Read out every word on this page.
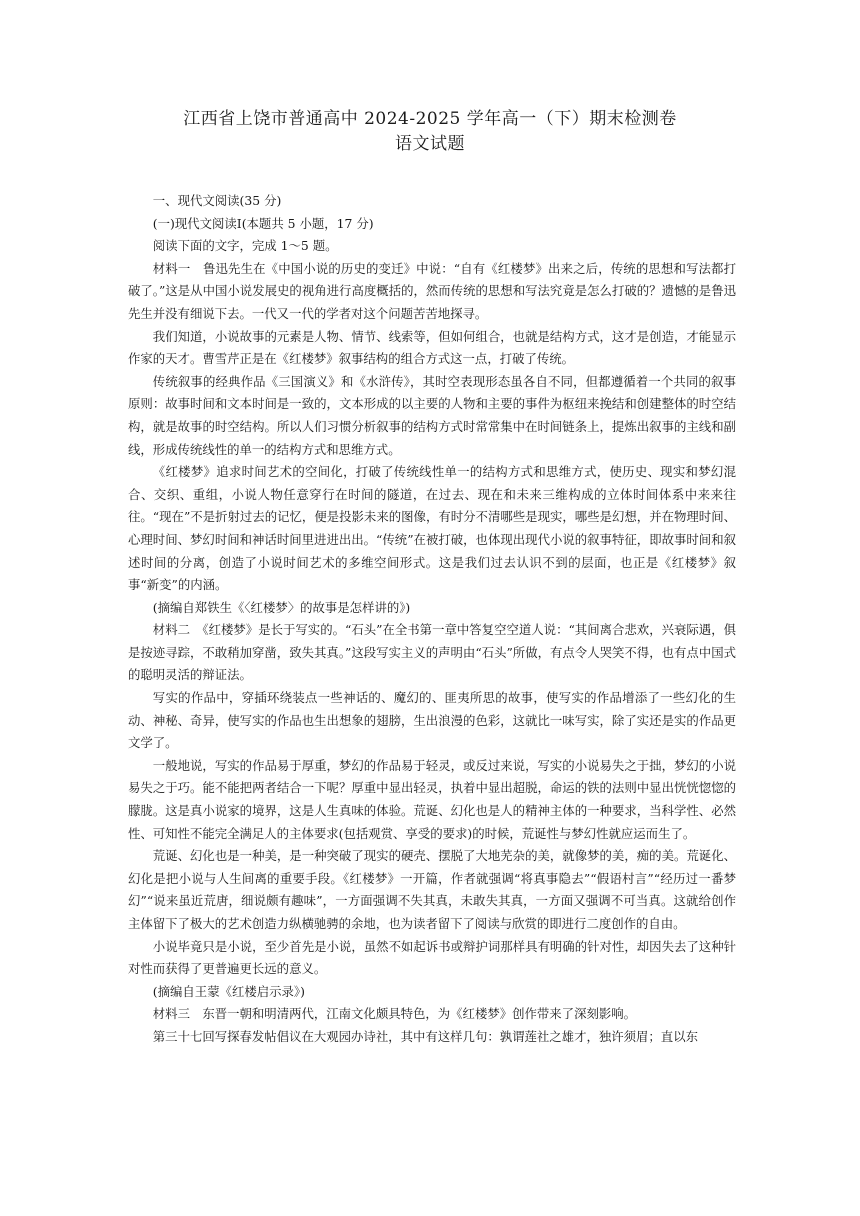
江西省上饶市普通高中 2024-2025 学年高一（下）期末检测卷
语文试题

一、现代文阅读(35 分)

(一)现代文阅读Ⅰ(本题共 5 小题，17 分)

阅读下面的文字，完成 1～5 题。

材料一　鲁迅先生在《中国小说的历史的变迁》中说：“自有《红楼梦》出来之后，传统的思想和写法都打破了。”这是从中国小说发展史的视角进行高度概括的，然而传统的思想和写法究竟是怎么打破的？遗憾的是鲁迅先生并没有细说下去。一代又一代的学者对这个问题苦苦地探寻。

我们知道，小说故事的元素是人物、情节、线索等，但如何组合，也就是结构方式，这才是创造，才能显示作家的天才。曹雪芹正是在《红楼梦》叙事结构的组合方式这一点，打破了传统。

传统叙事的经典作品《三国演义》和《水浒传》，其时空表现形态虽各自不同，但都遵循着一个共同的叙事原则：故事时间和文本时间是一致的，文本形成的以主要的人物和主要的事件为枢纽来挽结和创建整体的时空结构，就是故事的时空结构。所以人们习惯分析叙事的结构方式时常常集中在时间链条上，提炼出叙事的主线和副线，形成传统线性的单一的结构方式和思维方式。

《红楼梦》追求时间艺术的空间化，打破了传统线性单一的结构方式和思维方式，使历史、现实和梦幻混合、交织、重组，小说人物任意穿行在时间的隧道，在过去、现在和未来三维构成的立体时间体系中来来往往。“现在”不是折射过去的记忆，便是投影未来的图像，有时分不清哪些是现实，哪些是幻想，并在物理时间、心理时间、梦幻时间和神话时间里进进出出。“传统”在被打破，也体现出现代小说的叙事特征，即故事时间和叙述时间的分离，创造了小说时间艺术的多维空间形式。这是我们过去认识不到的层面，也正是《红楼梦》叙事“新变”的内涵。

(摘编自郑铁生《〈红楼梦〉的故事是怎样讲的》)

材料二　《红楼梦》是长于写实的。“石头”在全书第一章中答复空空道人说：“其间离合悲欢，兴衰际遇，俱是按迹寻踪，不敢稍加穿凿，致失其真。”这段写实主义的声明由“石头”所做，有点令人哭笑不得，也有点中国式的聪明灵活的辩证法。

写实的作品中，穿插环绕装点一些神话的、魔幻的、匪夷所思的故事，使写实的作品增添了一些幻化的生动、神秘、奇异，使写实的作品也生出想象的翅膀，生出浪漫的色彩，这就比一味写实，除了实还是实的作品更文学了。

一般地说，写实的作品易于厚重，梦幻的作品易于轻灵，或反过来说，写实的小说易失之于拙，梦幻的小说易失之于巧。能不能把两者结合一下呢？厚重中显出轻灵，执着中显出超脱，命运的铁的法则中显出恍恍惚惚的朦胧。这是真小说家的境界，这是人生真味的体验。荒诞、幻化也是人的精神主体的一种要求，当科学性、必然性、可知性不能完全满足人的主体要求(包括观赏、享受的要求)的时候，荒诞性与梦幻性就应运而生了。

荒诞、幻化也是一种美，是一种突破了现实的硬壳、摆脱了大地芜杂的美，就像梦的美，痴的美。荒诞化、幻化是把小说与人生间离的重要手段。《红楼梦》一开篇，作者就强调“将真事隐去”“假语村言”“经历过一番梦幻”“说来虽近荒唐，细说颇有趣味”，一方面强调不失其真，未敢失其真，一方面又强调不可当真。这就给创作主体留下了极大的艺术创造力纵横驰骋的余地，也为读者留下了阅读与欣赏的即进行二度创作的自由。

小说毕竟只是小说，至少首先是小说，虽然不如起诉书或辩护词那样具有明确的针对性，却因失去了这种针对性而获得了更普遍更长远的意义。

(摘编自王蒙《红楼启示录》)

材料三　东晋一朝和明清两代，江南文化颇具特色，为《红楼梦》创作带来了深刻影响。

第三十七回写探春发帖倡议在大观园办诗社，其中有这样几句：孰谓莲社之雄才，独许须眉；直以东
